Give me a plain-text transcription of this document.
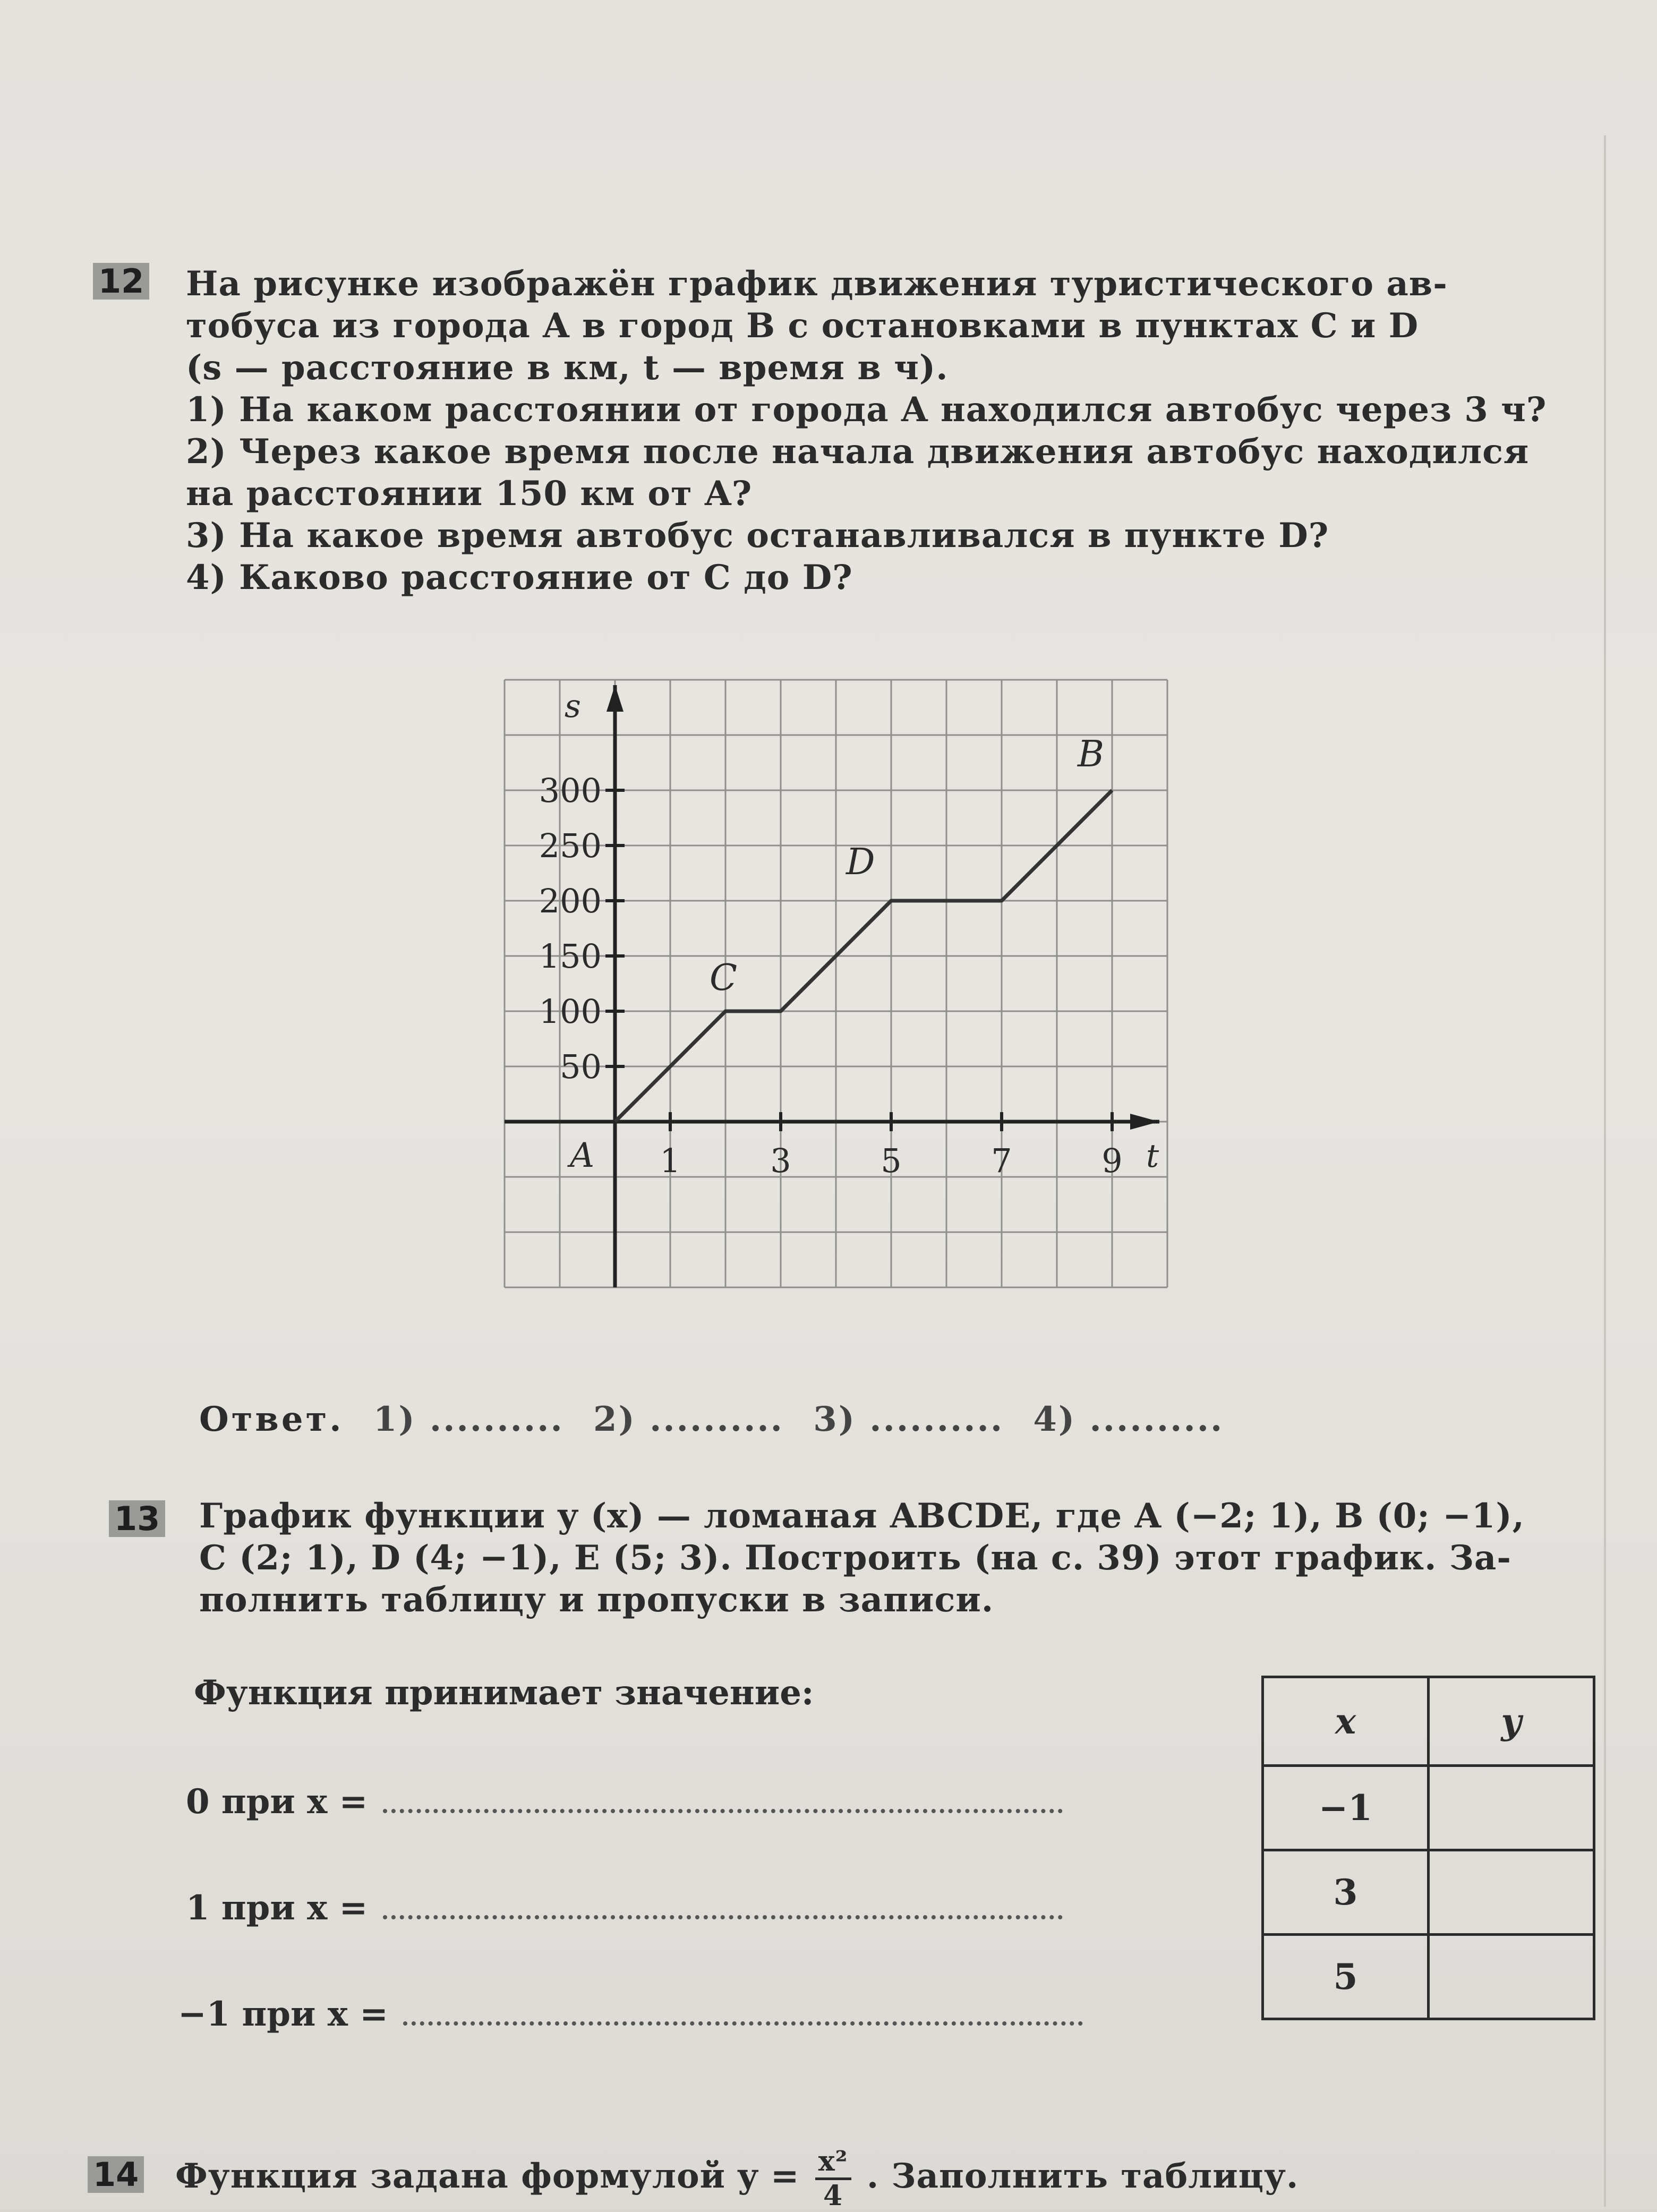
12 На рисунке изображён график движения туристического ав-
тобуса из города A в город B с остановками в пунктах C и D
(s — расстояние в км, t — время в ч).
1) На каком расстоянии от города A находился автобус через 3 ч?
2) Через какое время после начала движения автобус находился
на расстоянии 150 км от A?
3) На какое время автобус останавливался в пункте D?
4) Каково расстояние от C до D?
s
t
A
50
100
150
200
250
300
1	3	5	7	9
C
D
B
Ответ. 1) .......... 2) .......... 3) .......... 4) ..........
13 График функции y (x) — ломаная ABCDE, где A (−2; 1), B (0; −1),
C (2; 1), D (4; −1), E (5; 3). Построить (на с. 39) этот график. За-
полнить таблицу и пропуски в записи.
Функция принимает значение:
0 при x =
1 при x =
−1 при x =
x	y
−1	
3	
5	
14 Функция задана формулой $y = \frac{\text{x²}}{4}$ . Заполнить таблицу.
